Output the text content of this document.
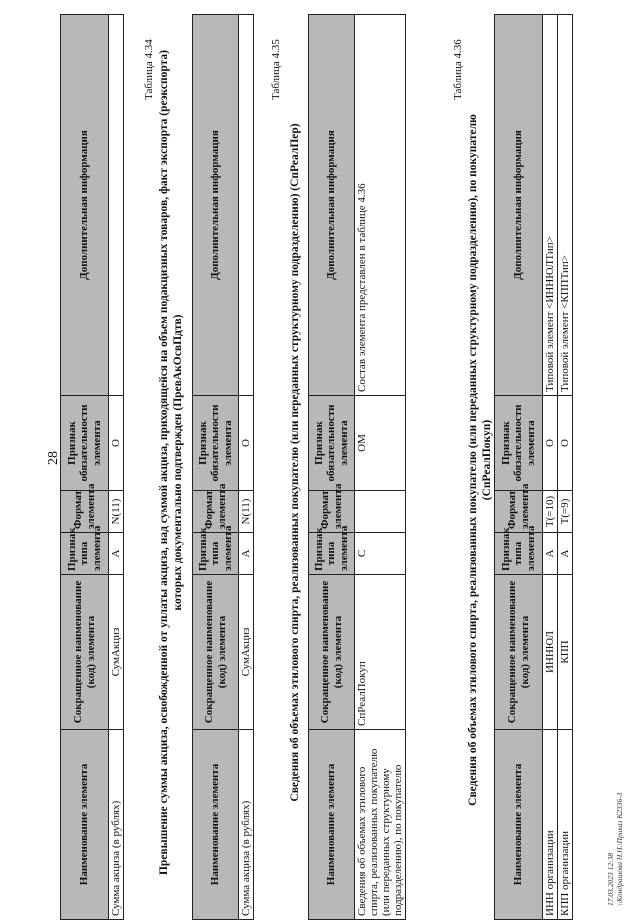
28
Наименование элемента	Сокращенное наименование (код) элемента	Признак типа элемента	Формат элемента	Признак обязательности элемента	Дополнительная информация
Сумма акциза (в рублях)	СумАкциз	А	N(11)	О	
Таблица 4.34 Превышение суммы акциза, освобожденной от уплаты акциза, над суммой акциза, приходящейся на объем подакцизных товаров, факт экспорта (реэкспорта) которых документально подтвержден (ПревАкОсвПдтв)
Наименование элемента	Сокращенное наименование (код) элемента	Признак типа элемента	Формат элемента	Признак обязательности элемента	Дополнительная информация
Сумма акциза (в рублях)	СумАкциз	А	N(11)	О	
Таблица 4.35
Сведения об объемах этилового спирта, реализованных покупателю (или переданных структурному подразделению) (СпРеалПер)
Наименование элемента	Сокращенное наименование (код) элемента	Признак типа элемента	Формат элемента	Признак обязательности элемента	Дополнительная информация
Сведения об объемах этилового спирта, реализованных покупателю (или переданных структурному подразделению), по покупателю	СпРеалПокуп	С		ОМ	Состав элемента представлен в таблице 4.36
Таблица 4.36
Сведения об объемах этилового спирта, реализованных покупателю (или переданных структурному подразделению), по покупателю (СпРеалПокуп)
Наименование элемента	Сокращенное наименование (код) элемента	Признак типа элемента	Формат элемента	Признак обязательности элемента	Дополнительная информация
ИНН организации	ИННЮЛ	А	T(=10)	О	Типовой элемент <ИННЮЛТип>
КПП организации	КПП	А	T(=9)	О	Типовой элемент <КППТип>
17.03.2023 12:38 \\Кондрашова Н.Н.\Приказ К2336-3
